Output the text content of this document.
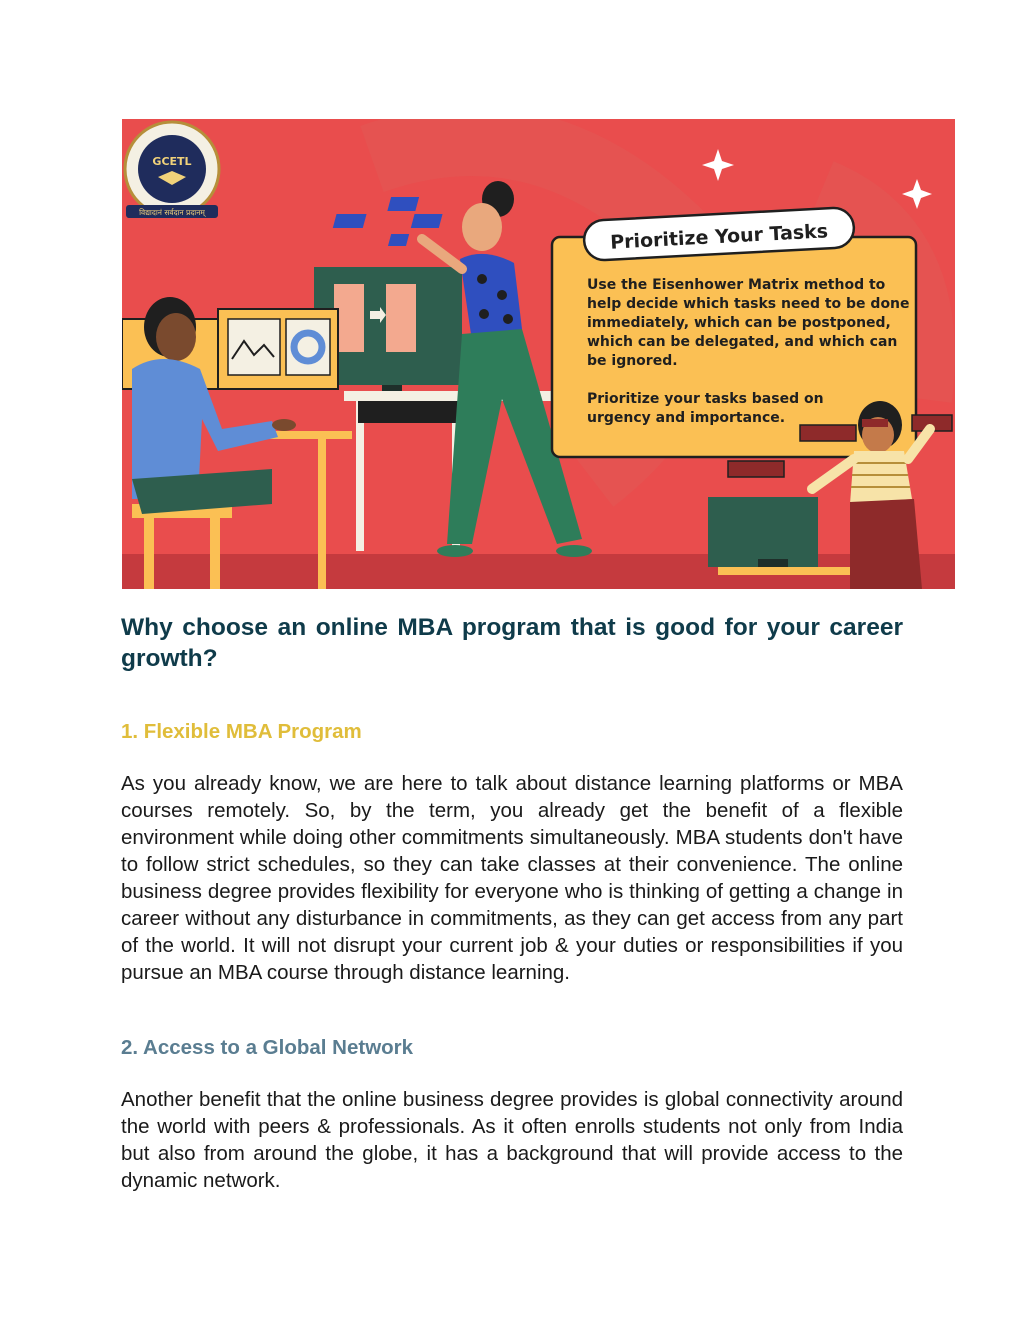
GCETL
विद्यादानं सर्वदान प्रदानम्
Prioritize Your Tasks
Use the Eisenhower Matrix method to help decide which tasks need to be done immediately, which can be postponed, which can be delegated, and which can be ignored. Prioritize your tasks based on urgency and importance.
Why choose an online MBA program that is good for your career growth?
1. Flexible MBA Program

As you already know, we are here to talk about distance learning platforms or MBA courses remotely. So, by the term, you already get the benefit of a flexible environment while doing other commitments simultaneously. MBA students don't have to follow strict schedules, so they can take classes at their convenience. The online business degree provides flexibility for everyone who is thinking of getting a change in career without any disturbance in commitments, as they can get access from any part of the world. It will not disrupt your current job & your duties or responsibilities if you pursue an MBA course through distance learning.

2. Access to a Global Network

Another benefit that the online business degree provides is global connectivity around the world with peers & professionals. As it often enrolls students not only from India but also from around the globe, it has a background that will provide access to the dynamic network.
